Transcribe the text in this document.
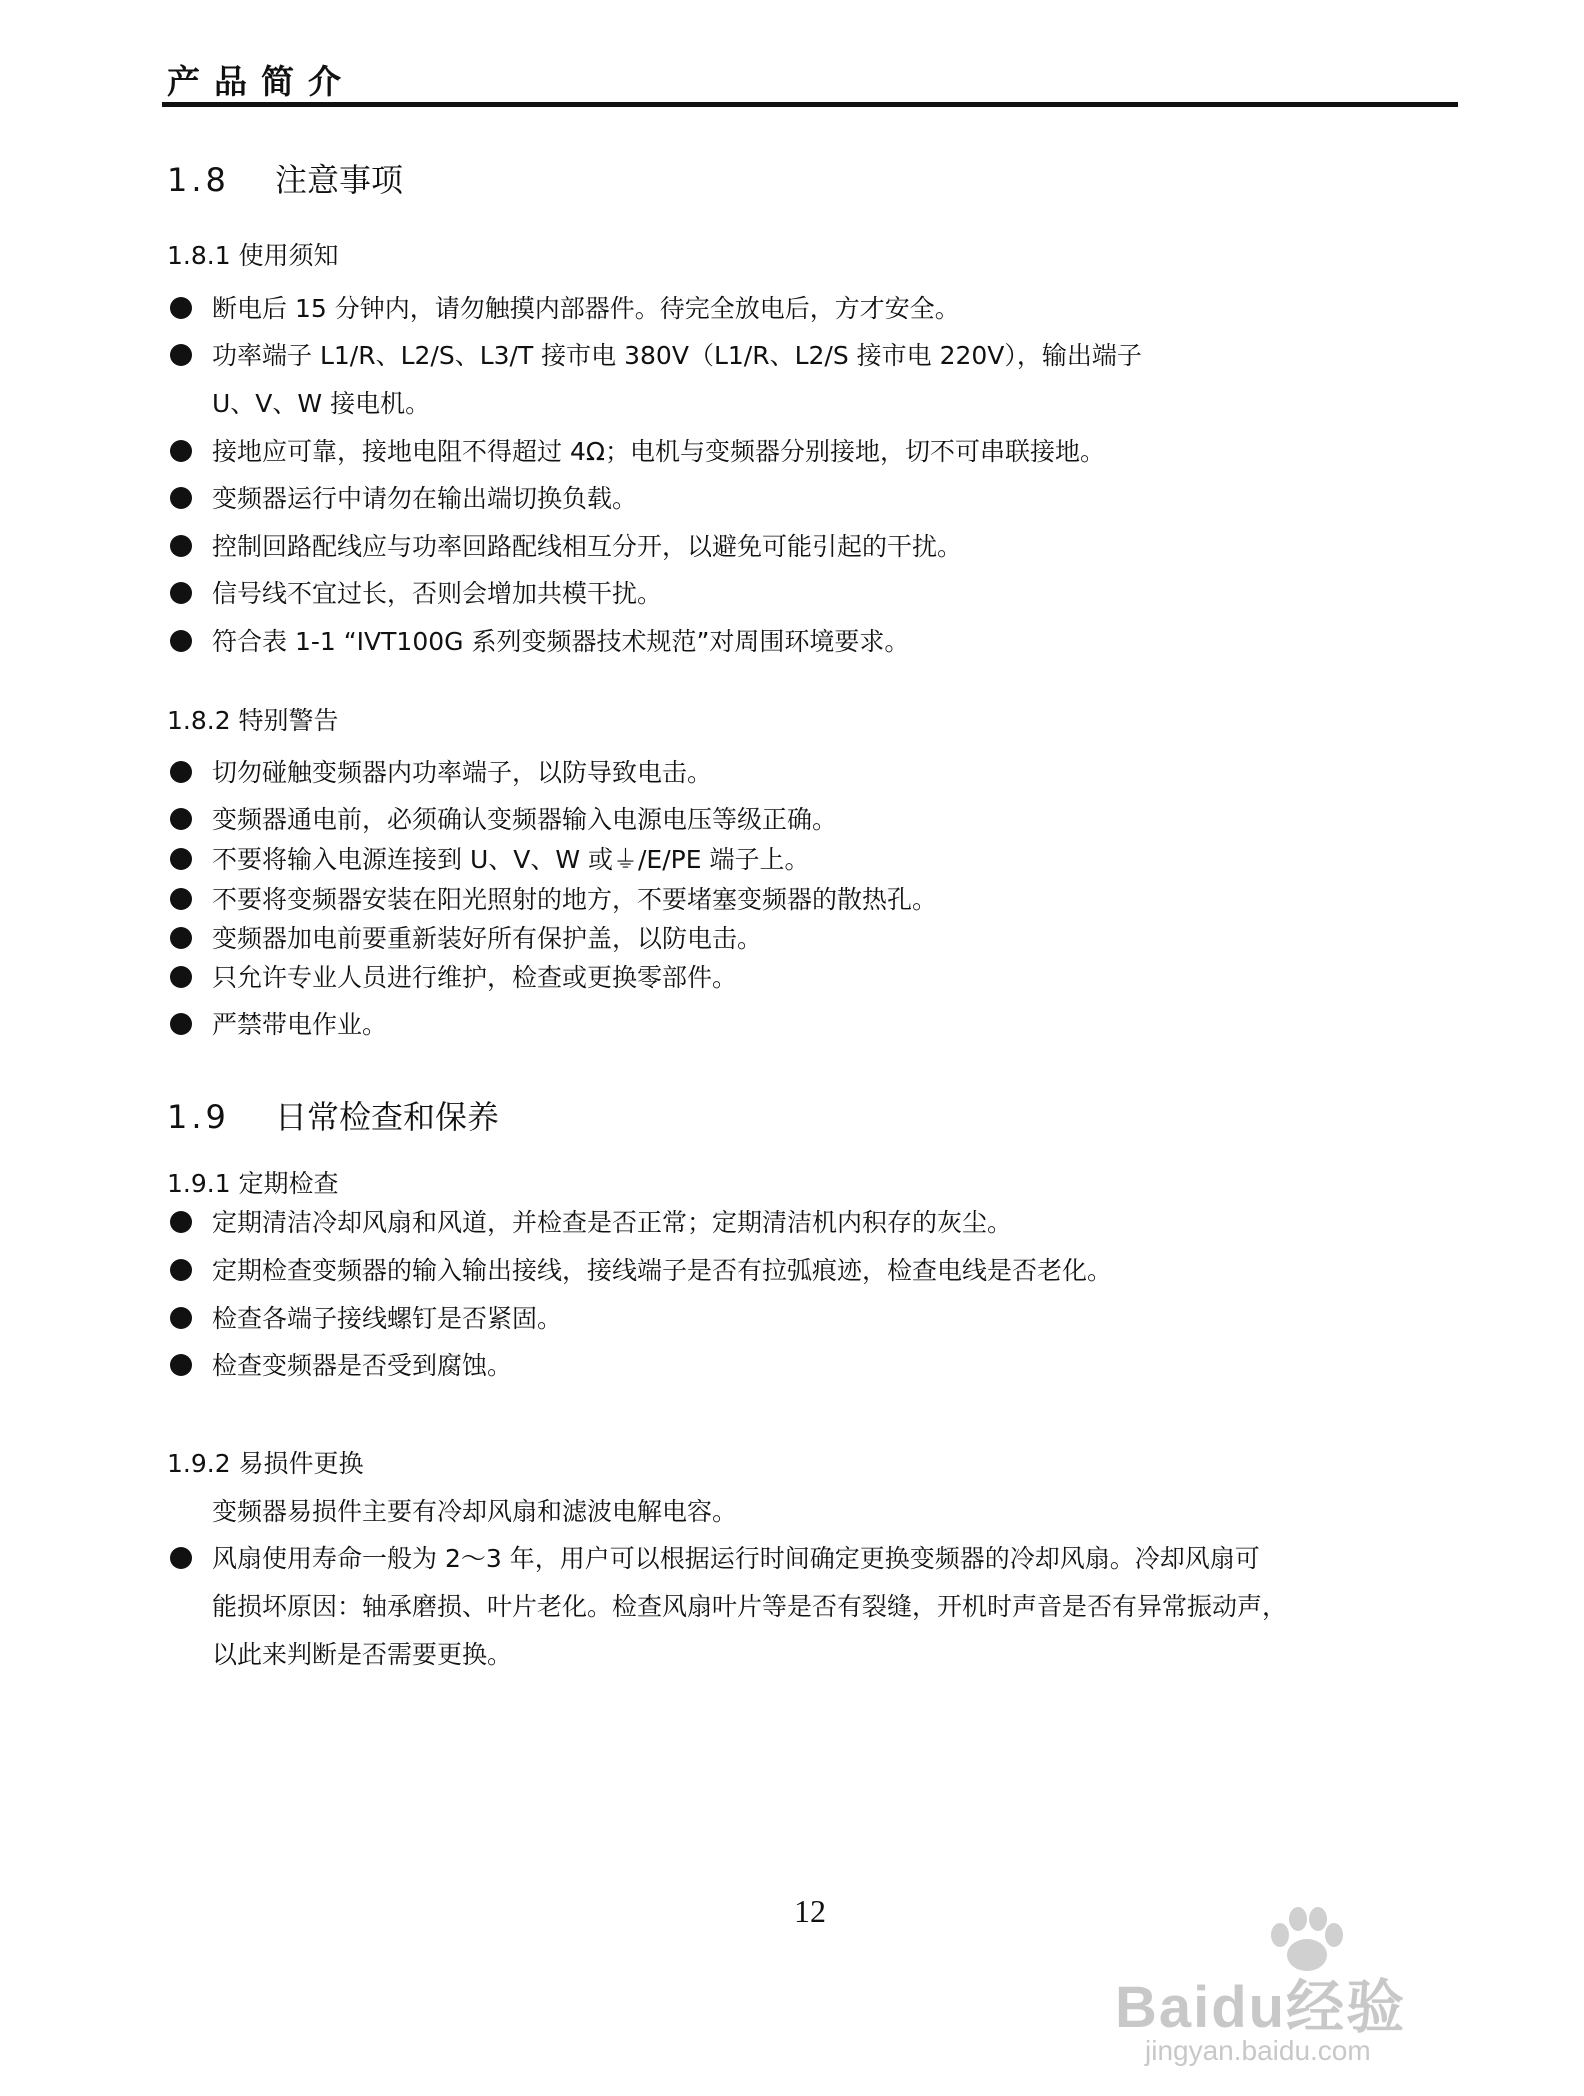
产品简介
1.8 注意事项
1.8.1 使用须知
断电后 15 分钟内，请勿触摸内部器件。待完全放电后，方才安全。
功率端子 L1/R、L2/S、L3/T 接市电 380V（L1/R、L2/S 接市电 220V），输出端子
U、V、W 接电机。
接地应可靠，接地电阻不得超过 4Ω；电机与变频器分别接地，切不可串联接地。
变频器运行中请勿在输出端切换负载。
控制回路配线应与功率回路配线相互分开，以避免可能引起的干扰。
信号线不宜过长，否则会增加共模干扰。
符合表 1-1 “IVT100G 系列变频器技术规范”对周围环境要求。
1.8.2 特别警告
切勿碰触变频器内功率端子，以防导致电击。
变频器通电前，必须确认变频器输入电源电压等级正确。
不要将输入电源连接到 U、V、W 或⏚/E/PE 端子上。
不要将变频器安装在阳光照射的地方，不要堵塞变频器的散热孔。
变频器加电前要重新装好所有保护盖，以防电击。
只允许专业人员进行维护，检查或更换零部件。
严禁带电作业。
1.9 日常检查和保养
1.9.1 定期检查
定期清洁冷却风扇和风道，并检查是否正常；定期清洁机内积存的灰尘。
定期检查变频器的输入输出接线，接线端子是否有拉弧痕迹，检查电线是否老化。
检查各端子接线螺钉是否紧固。
检查变频器是否受到腐蚀。
1.9.2 易损件更换
变频器易损件主要有冷却风扇和滤波电解电容。
风扇使用寿命一般为 2～3 年，用户可以根据运行时间确定更换变频器的冷却风扇。冷却风扇可
能损坏原因：轴承磨损、叶片老化。检查风扇叶片等是否有裂缝，开机时声音是否有异常振动声，
以此来判断是否需要更换。
12
Baidu经验
jingyan.baidu.com
